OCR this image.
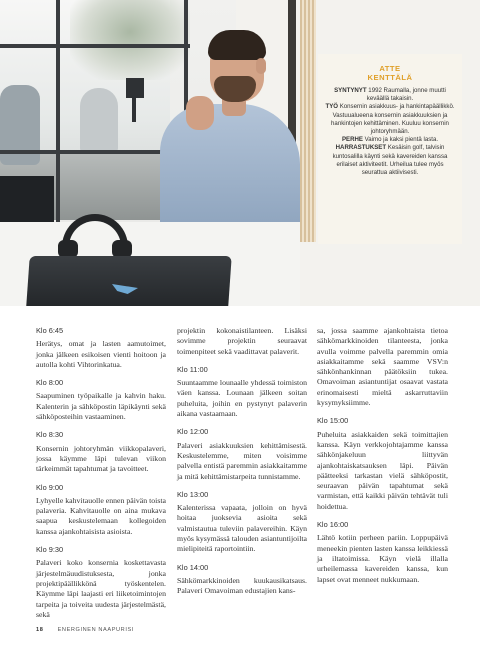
ATTE
KENTTÄLÄ
SYNTYNYT 1992 Raumalla, jonne muutti keväällä takaisin.
TYÖ Konsernin asiakkuus- ja hankintapäällikkö. Vastuualueena konsernin asiakkuuksien ja hankintojen kehittäminen. Kuuluu konsernin johtoryhmään.
PERHE Vaimo ja kaksi pientä lasta.
HARRASTUKSET Kesäisin golf, talvisin kuntosalilla käynti sekä kavereiden kanssa erilaiset aktiviteetit. Urheilua tulee myös seurattua aktiivisesti.
Klo 6:45
Herätys, omat ja lasten aamutoimet, jonka jälkeen esikoisen vienti hoitoon ja autolla kohti Vihtorinkatua.
Klo 8:00
Saapuminen työpaikalle ja kahvin haku. Kalenterin ja sähköpostin läpikäynti sekä sähköposteihin vastaaminen.
Klo 8:30
Konsernin johtoryhmän viikkopalaveri, jossa käymme läpi tulevan viikon tärkeimmät tapahtumat ja tavoitteet.
Klo 9:00
Lyhyelle kahvitauolle ennen päivän toista palaveria. Kahvitauolle on aina mukava saapua keskustelemaan kollegoiden kanssa ajankohtaisista asioista.
Klo 9:30
Palaveri koko konsernia koskettavasta järjestelmäuudistuksesta, jonka projektipäällikkönä työskentelen. Käymme läpi laajasti eri liiketoimintojen tarpeita ja toiveita uudesta järjestelmästä, sekä
projektin kokonaistilanteen. Lisäksi sovimme projektin seuraavat toimenpiteet sekä vaadittavat palaverit.
Klo 11:00
Suuntaamme lounaalle yhdessä toimiston väen kanssa. Lounaan jälkeen soitan puheluita, joihin en pystynyt palaverin aikana vastaamaan.
Klo 12:00
Palaveri asiakkuuksien kehittämisestä. Keskustelemme, miten voisimme palvella entistä paremmin asiakkaitamme ja mitä kehittämistarpeita tunnistamme.
Klo 13:00
Kalenterissa vapaata, jolloin on hyvä hoitaa juoksevia asioita sekä valmistautua tuleviin palavereihin. Käyn myös kysymässä talouden asiantuntijoilta mielipiteitä raportointiin.
Klo 14:00
Sähkömarkkinoiden kuukausikatsaus. Palaveri Omavoiman edustajien kans-
sa, jossa saamme ajankohtaista tietoa sähkömarkkinoiden tilanteesta, jonka avulla voimme palvella paremmin omia asiakkaitamme sekä saamme VSV:n sähkönhankinnan päätöksiin tukea. Omavoiman asiantuntijat osaavat vastata erinomaisesti mieltä askarruttaviin kysymyksiimme.
Klo 15:00
Puheluita asiakkaiden sekä toimittajien kanssa. Käyn verkkojohtajamme kanssa sähkönjakeluun liittyvän ajankohtaiskatsauksen läpi. Päivän päätteeksi tarkastan vielä sähköpostit, seuraavan päivän tapahtumat sekä varmistan, että kaikki päivän tehtävät tuli hoidettua.
Klo 16:00
Lähtö kotiin perheen pariin. Loppupäivä meneekin pienten lasten kanssa leikkiessä ja iltatoimissa. Käyn vielä illalla urheilemassa kavereiden kanssa, kun lapset ovat menneet nukkumaan.
18	ENERGINEN NAAPURISI
